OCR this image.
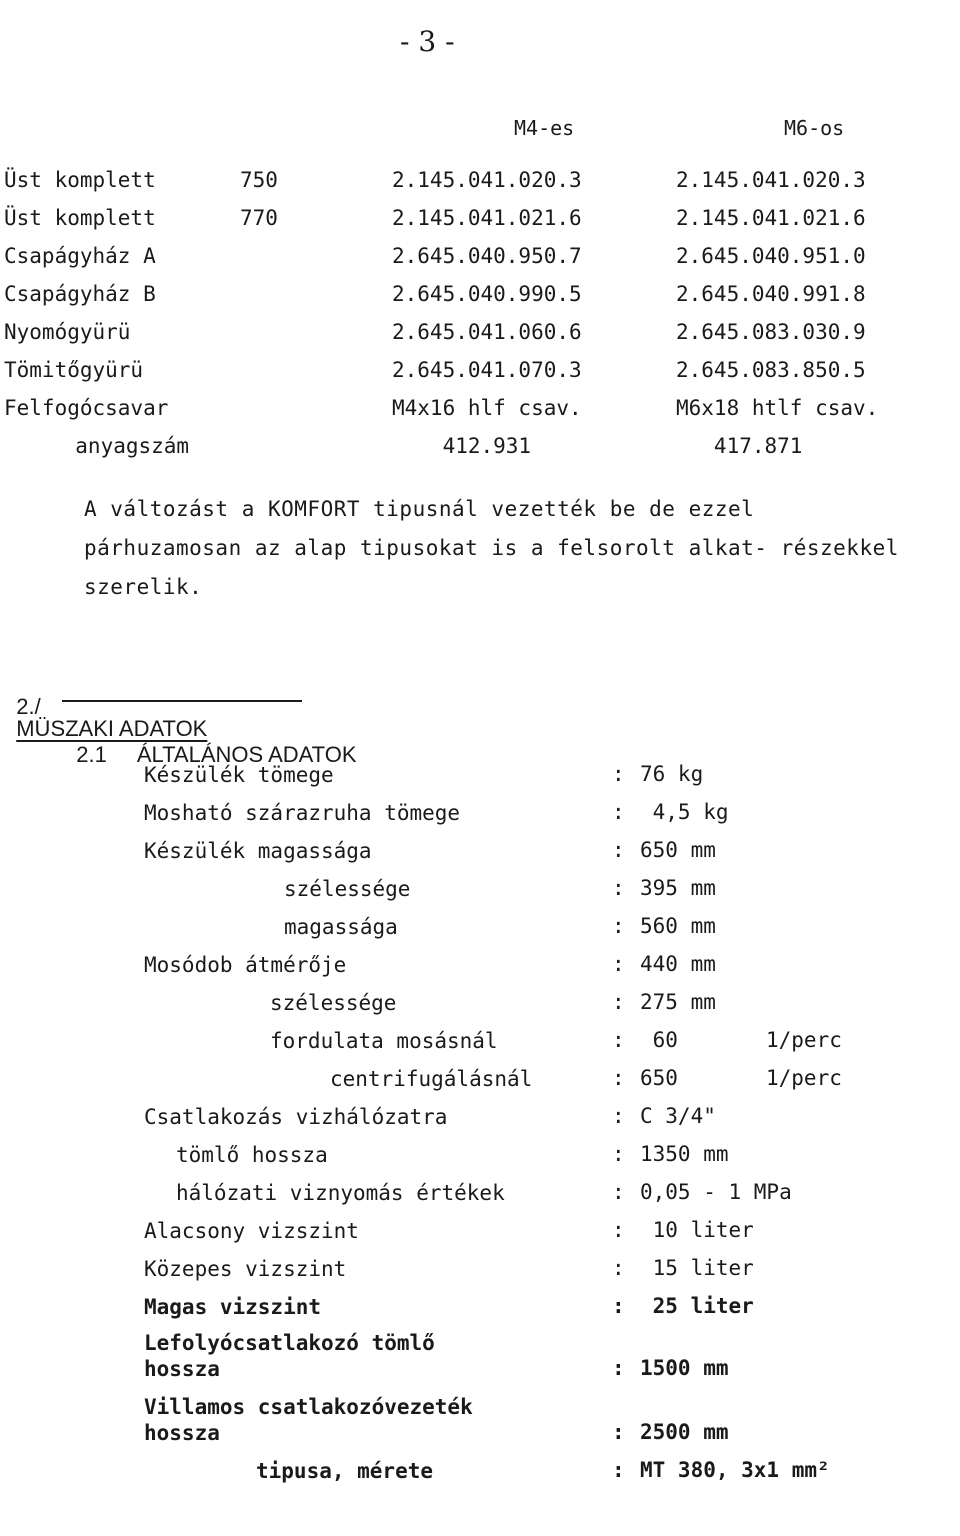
- 3 -
M4-es	M6-os
Üst komplett	750	2.145.041.020.3	2.145.041.020.3
Üst komplett	770	2.145.041.021.6	2.145.041.021.6
Csapágyház A	2.645.040.950.7	2.645.040.951.0
Csapágyház B	2.645.040.990.5	2.645.040.991.8
Nyomógyürü	2.645.041.060.6	2.645.083.030.9
Tömitőgyürü	2.645.041.070.3	2.645.083.850.5
Felfogócsavar	M4x16 hlf csav.	M6x18 htlf csav.
anyagszám	412.931	417.871
A változást a KOMFORT tipusnál vezették be de ezzel párhuzamosan az alap tipusokat is a felsorolt alkat- részekkel szerelik.

2./
MÜSZAKI ADATOK

2.1 ÁLTALÁNOS ADATOK

Készülék tömege	: 76 kg
Mosható szárazruha tömege	: 4,5 kg
Készülék magassága	: 650 mm
szélessége	: 395 mm
magassága	: 560 mm
Mosódob átmérője	: 440 mm
szélessége	: 275 mm
fordulata mosásnál	: 60	1/perc
centrifugálásnál	: 650	1/perc
Csatlakozás vizhálózatra	: C 3/4"
tömlő hossza	: 1350 mm
hálózati viznyomás értékek	: 0,05 - 1 MPa
Alacsony vizszint	: 10 liter
Közepes vizszint	: 15 liter
Magas vizszint	: 25 liter
Lefolyócsatlakozó tömlő
hossza	: 1500 mm
Villamos csatlakozóvezeték
hossza	: 2500 mm
tipusa, mérete	: MT 380, 3x1 mm²
